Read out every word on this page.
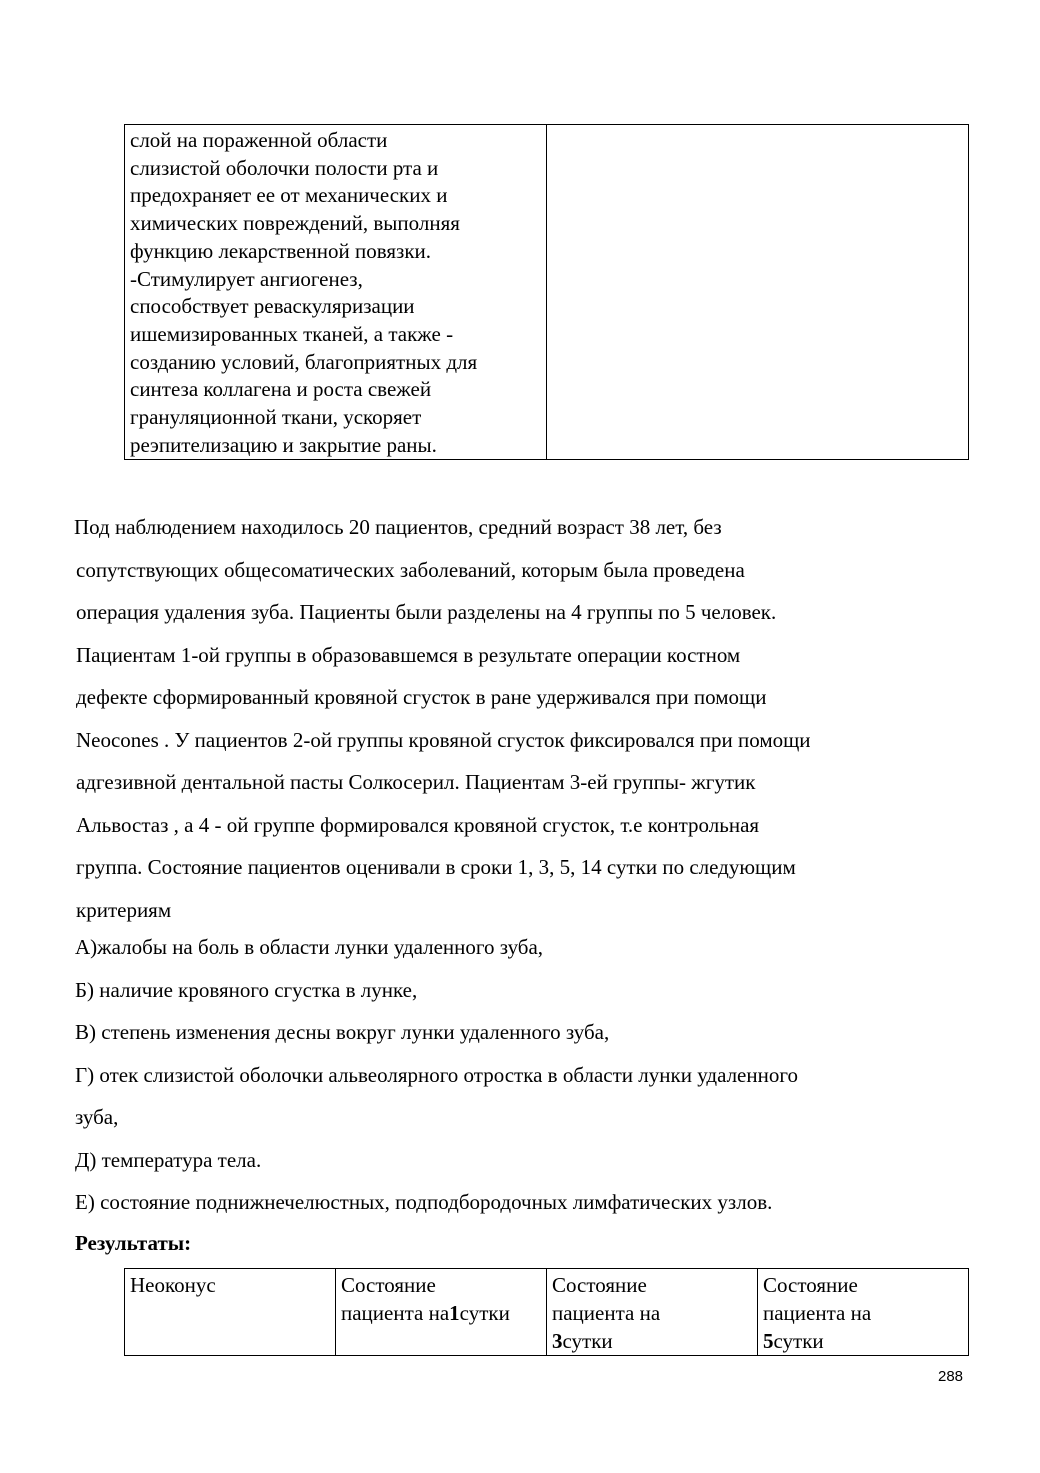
слой на пораженной области
слизистой оболочки полости рта и
предохраняет ее от механических и
химических повреждений, выполняя
функцию лекарственной повязки.
-Стимулирует ангиогенез,
способствует реваскуляризации
ишемизированных тканей, а также -
созданию условий, благоприятных для
синтеза коллагена и роста свежей
грануляционной ткани, ускоряет
реэпителизацию и закрытие раны.

Под наблюдением находилось 20 пациентов, средний возраст 38 лет, без
сопутствующих общесоматических заболеваний, которым была проведена
операция удаления зуба. Пациенты были разделены на 4 группы по 5 человек.
Пациентам 1-ой группы в образовавшемся в результате операции костном
дефекте сформированный кровяной сгусток в ране удерживался при помощи
Neocones . У пациентов 2-ой группы кровяной сгусток фиксировался при помощи
адгезивной дентальной пасты Солкосерил. Пациентам 3-ей группы- жгутик
Альвостаз , а 4 - ой группе формировался кровяной сгусток, т.е контрольная
группа. Состояние пациентов оценивали в сроки 1, 3, 5, 14 сутки по следующим
критериям
А)жалобы на боль в области лунки удаленного зуба,
Б) наличие кровяного сгустка в лунке,
В) степень изменения десны вокруг лунки удаленного зуба,
Г) отек слизистой оболочки альвеолярного отростка в области лунки удаленного
зуба,
Д) температура тела.
Е) состояние поднижнечелюстных, подподбородочных лимфатических узлов.
Результаты:
Неоконус	Состояние
пациента на1сутки	Состояние
пациента на
3сутки	Состояние
пациента на
5сутки
288
